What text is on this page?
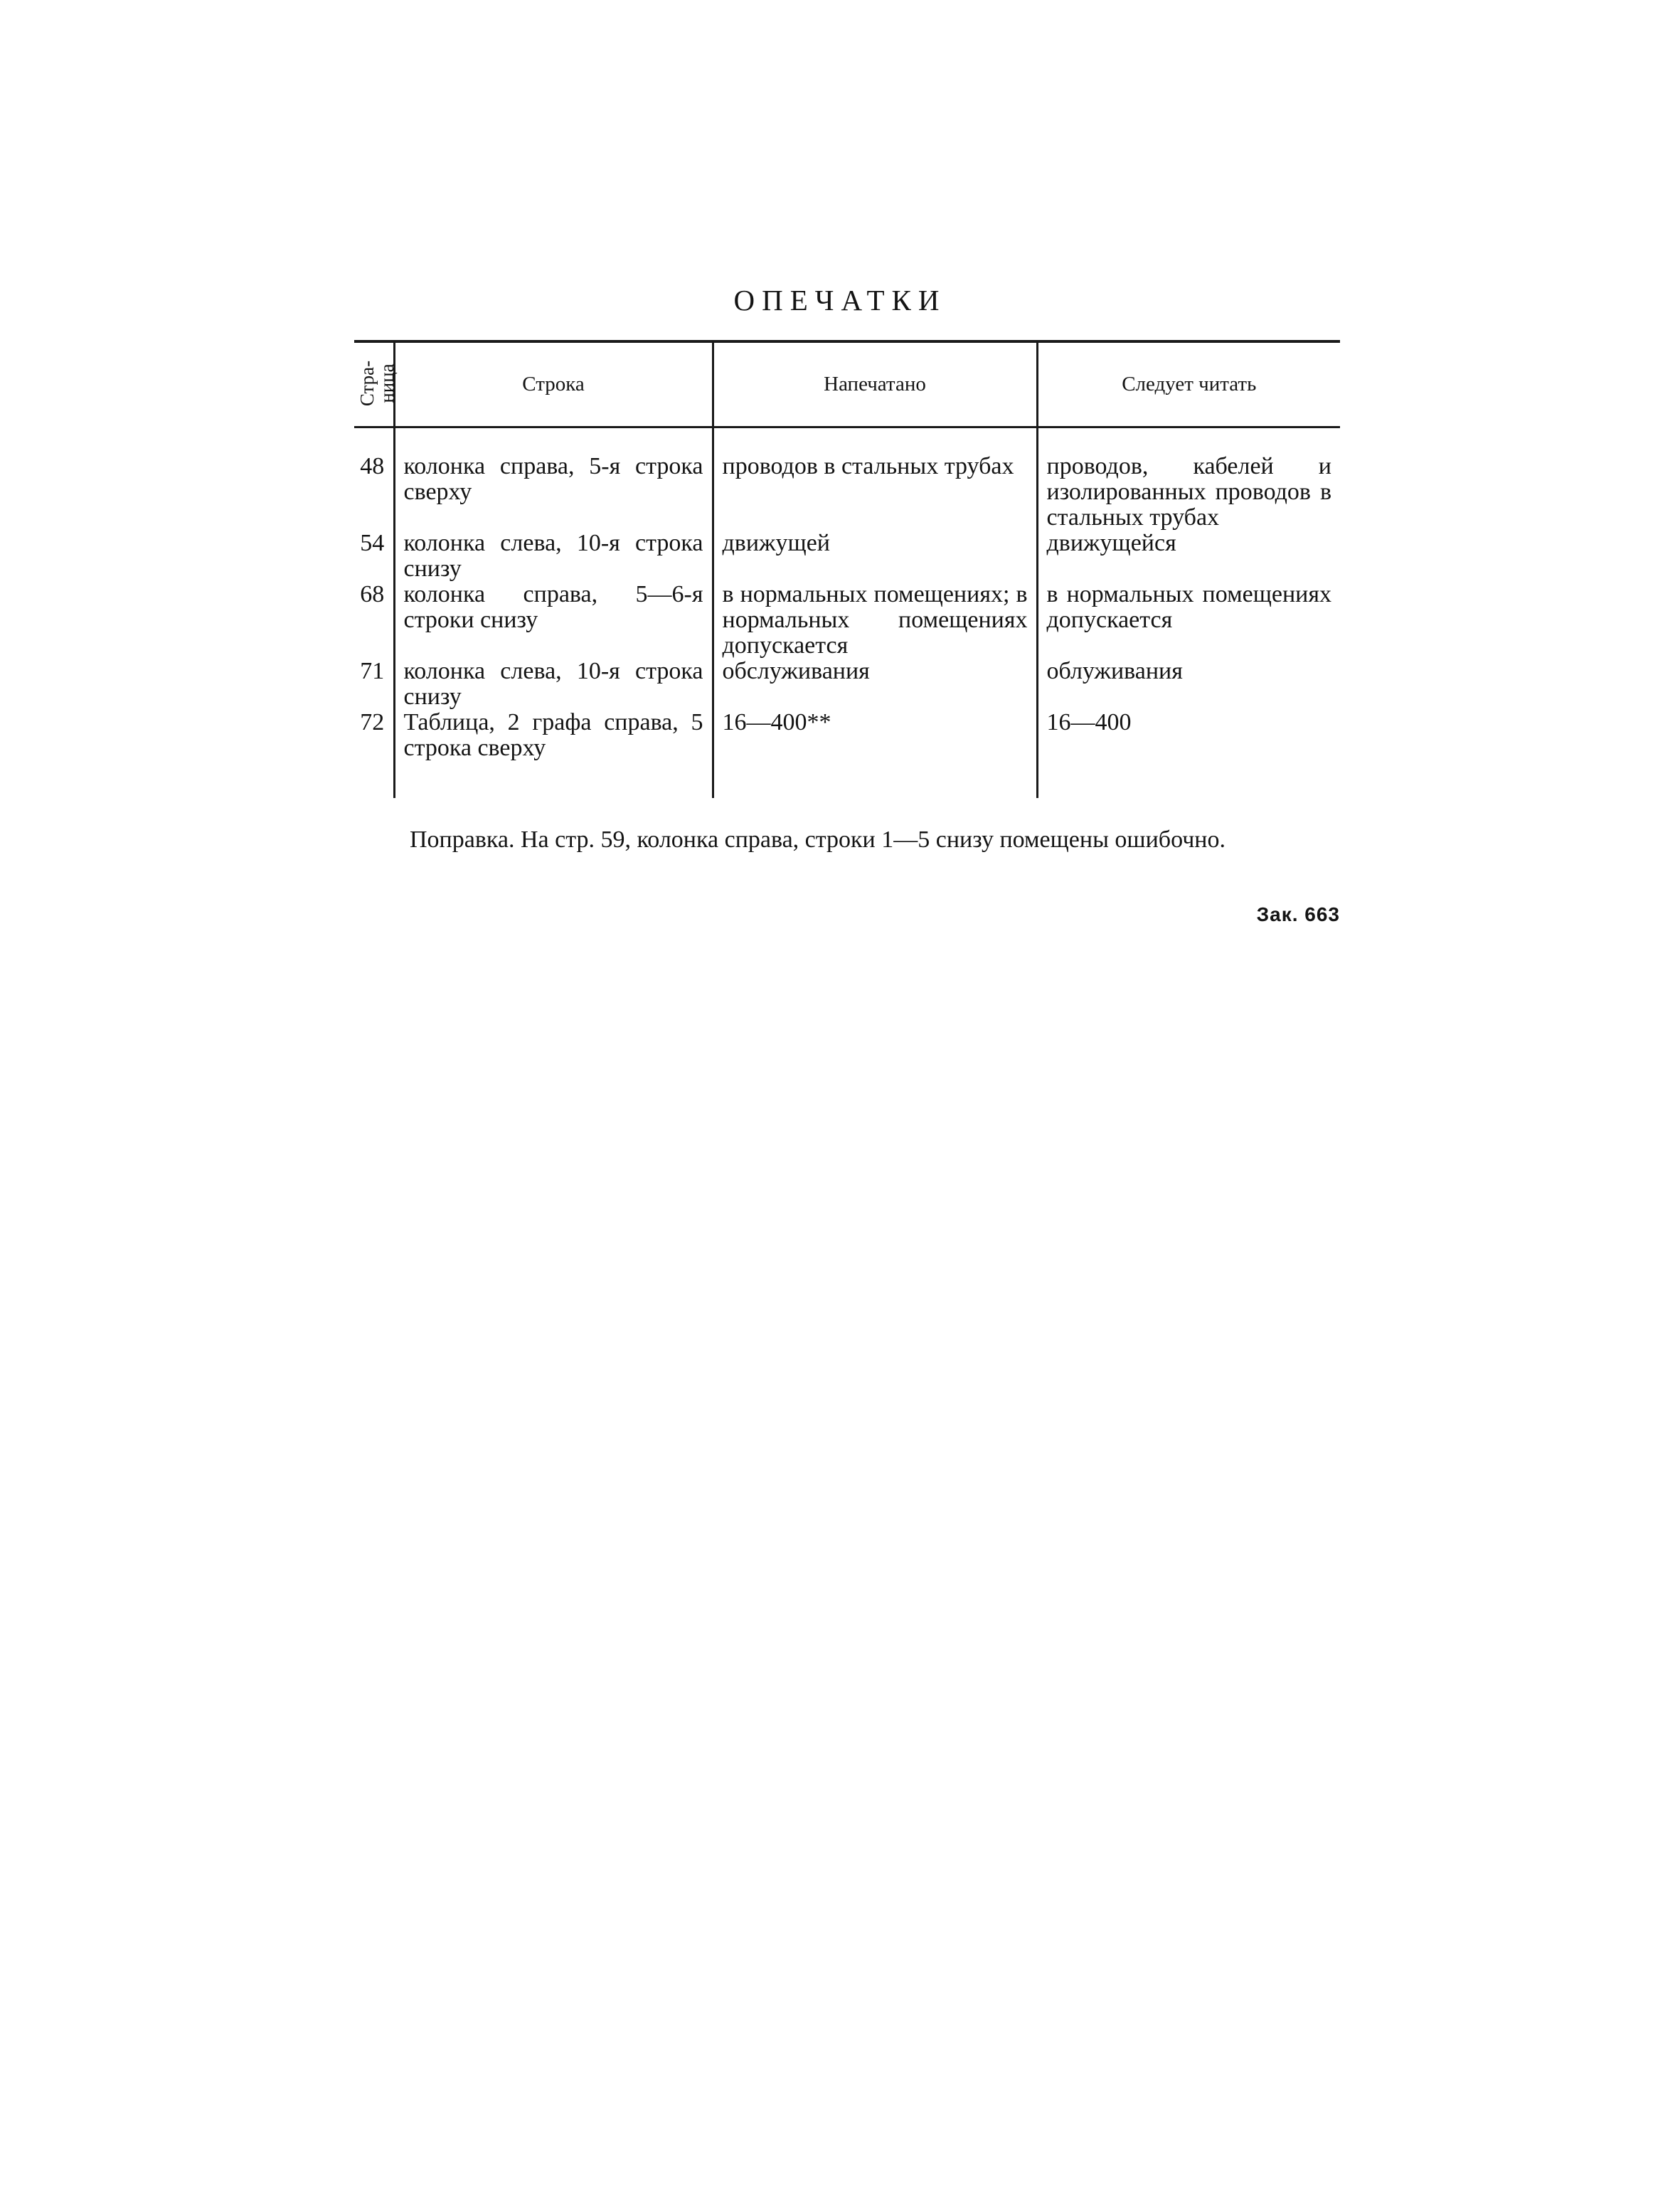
ОПЕЧАТКИ
Стра-
ница	Строка	Напечатано	Следует читать
48	колонка справа, 5-я строка сверху	проводов в стальных трубах	проводов, кабелей и изолированных проводов в стальных трубах
54	колонка слева, 10-я строка снизу	движущей	движущейся
68	колонка справа, 5—6-я строки снизу	в нормальных помещениях; в нормальных помещениях допускается	в нормальных помещениях допускается
71	колонка слева, 10-я строка снизу	обслуживания	облуживания
72	Таблица, 2 графа справа, 5 строка сверху	16—400**	16—400

Поправка. На стр. 59, колонка справа, строки 1—5 снизу помещены ошибочно.

Зак. 663
